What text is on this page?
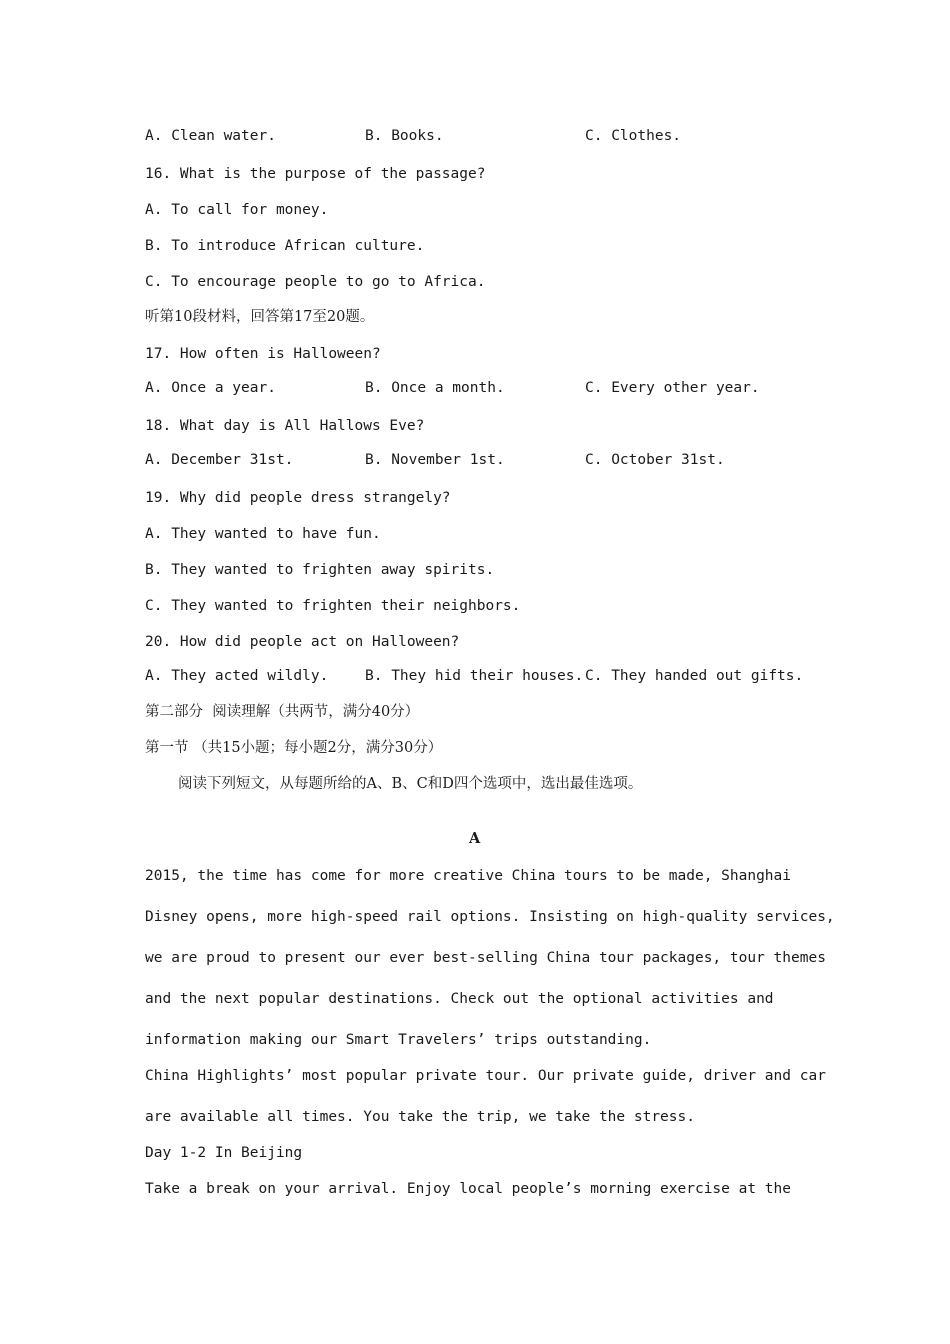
A. Clean water.	B. Books.	C. Clothes.
16. What is the purpose of the passage?
A. To call for money.
B. To introduce African culture.
C. To encourage people to go to Africa.
听第10段材料，回答第17至20题。
17. How often is Halloween?
A. Once a year.	B. Once a month.	C. Every other year.
18. What day is All Hallows Eve?
A. December 31st.	B. November 1st.	C. October 31st.
19. Why did people dress strangely?
A. They wanted to have fun.
B. They wanted to frighten away spirits.
C. They wanted to frighten their neighbors.
20. How did people act on Halloween?
A. They acted wildly.	B. They hid their houses. C. They handed out gifts.
第二部分  阅读理解（共两节，满分40分）
第一节 （共15小题；每小题2分，满分30分）
阅读下列短文，从每题所给的A、B、C和D四个选项中，选出最佳选项。
A
2015, the time has come for more creative China tours to be made, Shanghai
Disney opens, more high-speed rail options. Insisting on high-quality services,
we are proud to present our ever best-selling China tour packages, tour themes
and the next popular destinations. Check out the optional activities and
information making our Smart Travelers’ trips outstanding.
China Highlights’ most popular private tour. Our private guide, driver and car
are available all times. You take the trip, we take the stress.
Day 1-2 In Beijing
Take a break on your arrival. Enjoy local people’s morning exercise at the
